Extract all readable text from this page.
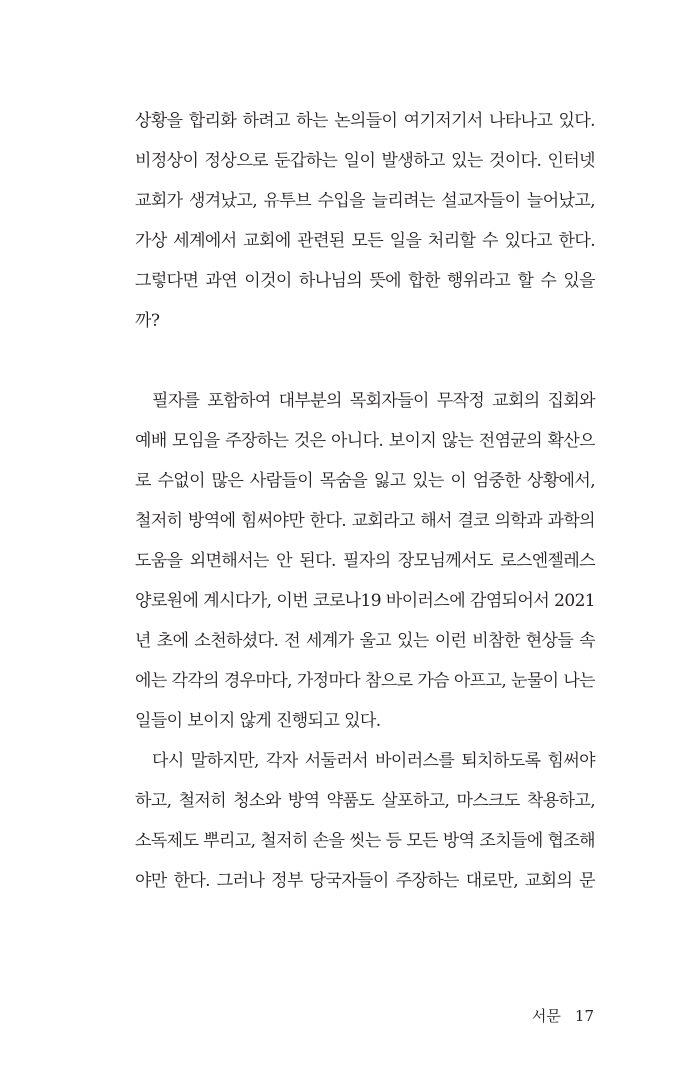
상황을 합리화 하려고 하는 논의들이 여기저기서 나타나고 있다.
비정상이 정상으로 둔갑하는 일이 발생하고 있는 것이다. 인터넷
교회가 생겨났고, 유투브 수입을 늘리려는 설교자들이 늘어났고,
가상 세계에서 교회에 관련된 모든 일을 처리할 수 있다고 한다.
그렇다면 과연 이것이 하나님의 뜻에 합한 행위라고 할 수 있을
까?
필자를 포함하여 대부분의 목회자들이 무작정 교회의 집회와
예배 모임을 주장하는 것은 아니다. 보이지 않는 전염균의 확산으
로 수없이 많은 사람들이 목숨을 잃고 있는 이 엄중한 상황에서,
철저히 방역에 힘써야만 한다. 교회라고 해서 결코 의학과 과학의
도움을 외면해서는 안 된다. 필자의 장모님께서도 로스엔젤레스
양로원에 계시다가, 이번 코로나19 바이러스에 감염되어서 2021
년 초에 소천하셨다. 전 세계가 울고 있는 이런 비참한 현상들 속
에는 각각의 경우마다, 가정마다 참으로 가슴 아프고, 눈물이 나는
일들이 보이지 않게 진행되고 있다.
다시 말하지만, 각자 서둘러서 바이러스를 퇴치하도록 힘써야
하고, 철저히 청소와 방역 약품도 살포하고, 마스크도 착용하고,
소독제도 뿌리고, 철저히 손을 씻는 등 모든 방역 조치들에 협조해
야만 한다. 그러나 정부 당국자들이 주장하는 대로만, 교회의 문
서문 17
